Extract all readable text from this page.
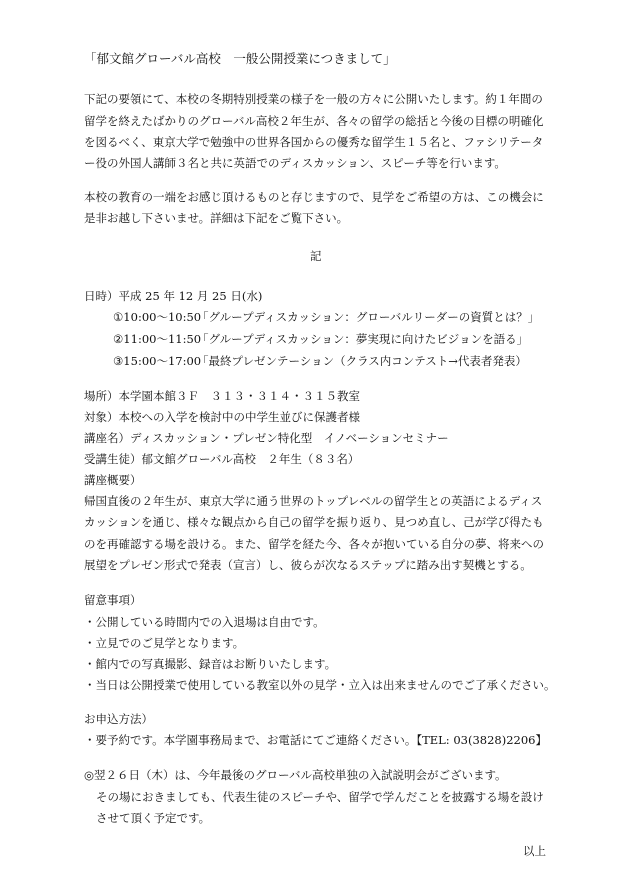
「郁文館グローバル高校　一般公開授業につきまして」
下記の要領にて、本校の冬期特別授業の様子を一般の方々に公開いたします。約１年間の
留学を終えたばかりのグローバル高校２年生が、各々の留学の総括と今後の目標の明確化
を図るべく、東京大学で勉強中の世界各国からの優秀な留学生１５名と、ファシリテータ
ー役の外国人講師３名と共に英語でのディスカッション、スピーチ等を行います。
本校の教育の一端をお感じ頂けるものと存じますので、見学をご希望の方は、この機会に
是非お越し下さいませ。詳細は下記をご覧下さい。
記
日時）平成 25 年 12 月 25 日(水)
①10:00～10:50「グループディスカッション：グローバルリーダーの資質とは？」
②11:00～11:50「グループディスカッション：夢実現に向けたビジョンを語る」
③15:00～17:00「最終プレゼンテーション（クラス内コンテスト→代表者発表）
場所）本学園本館３Ｆ　３１３・３１４・３１５教室
対象）本校への入学を検討中の中学生並びに保護者様
講座名）ディスカッション・プレゼン特化型　イノベーションセミナー
受講生徒）郁文館グローバル高校　２年生（８３名）
講座概要）
帰国直後の２年生が、東京大学に通う世界のトップレベルの留学生との英語によるディス
カッションを通じ、様々な観点から自己の留学を振り返り、見つめ直し、己が学び得たも
のを再確認する場を設ける。また、留学を経た今、各々が抱いている自分の夢、将来への
展望をプレゼン形式で発表（宣言）し、彼らが次なるステップに踏み出す契機とする。
留意事項）
・公開している時間内での入退場は自由です。
・立見でのご見学となります。
・館内での写真撮影、録音はお断りいたします。
・当日は公開授業で使用している教室以外の見学・立入は出来ませんのでご了承ください。
お申込方法）
・要予約です。本学園事務局まで、お電話にてご連絡ください。【TEL: 03(3828)2206】
◎翌２６日（木）は、今年最後のグローバル高校単独の入試説明会がございます。
その場におきましても、代表生徒のスピーチや、留学で学んだことを披露する場を設け
させて頂く予定です。
以上
